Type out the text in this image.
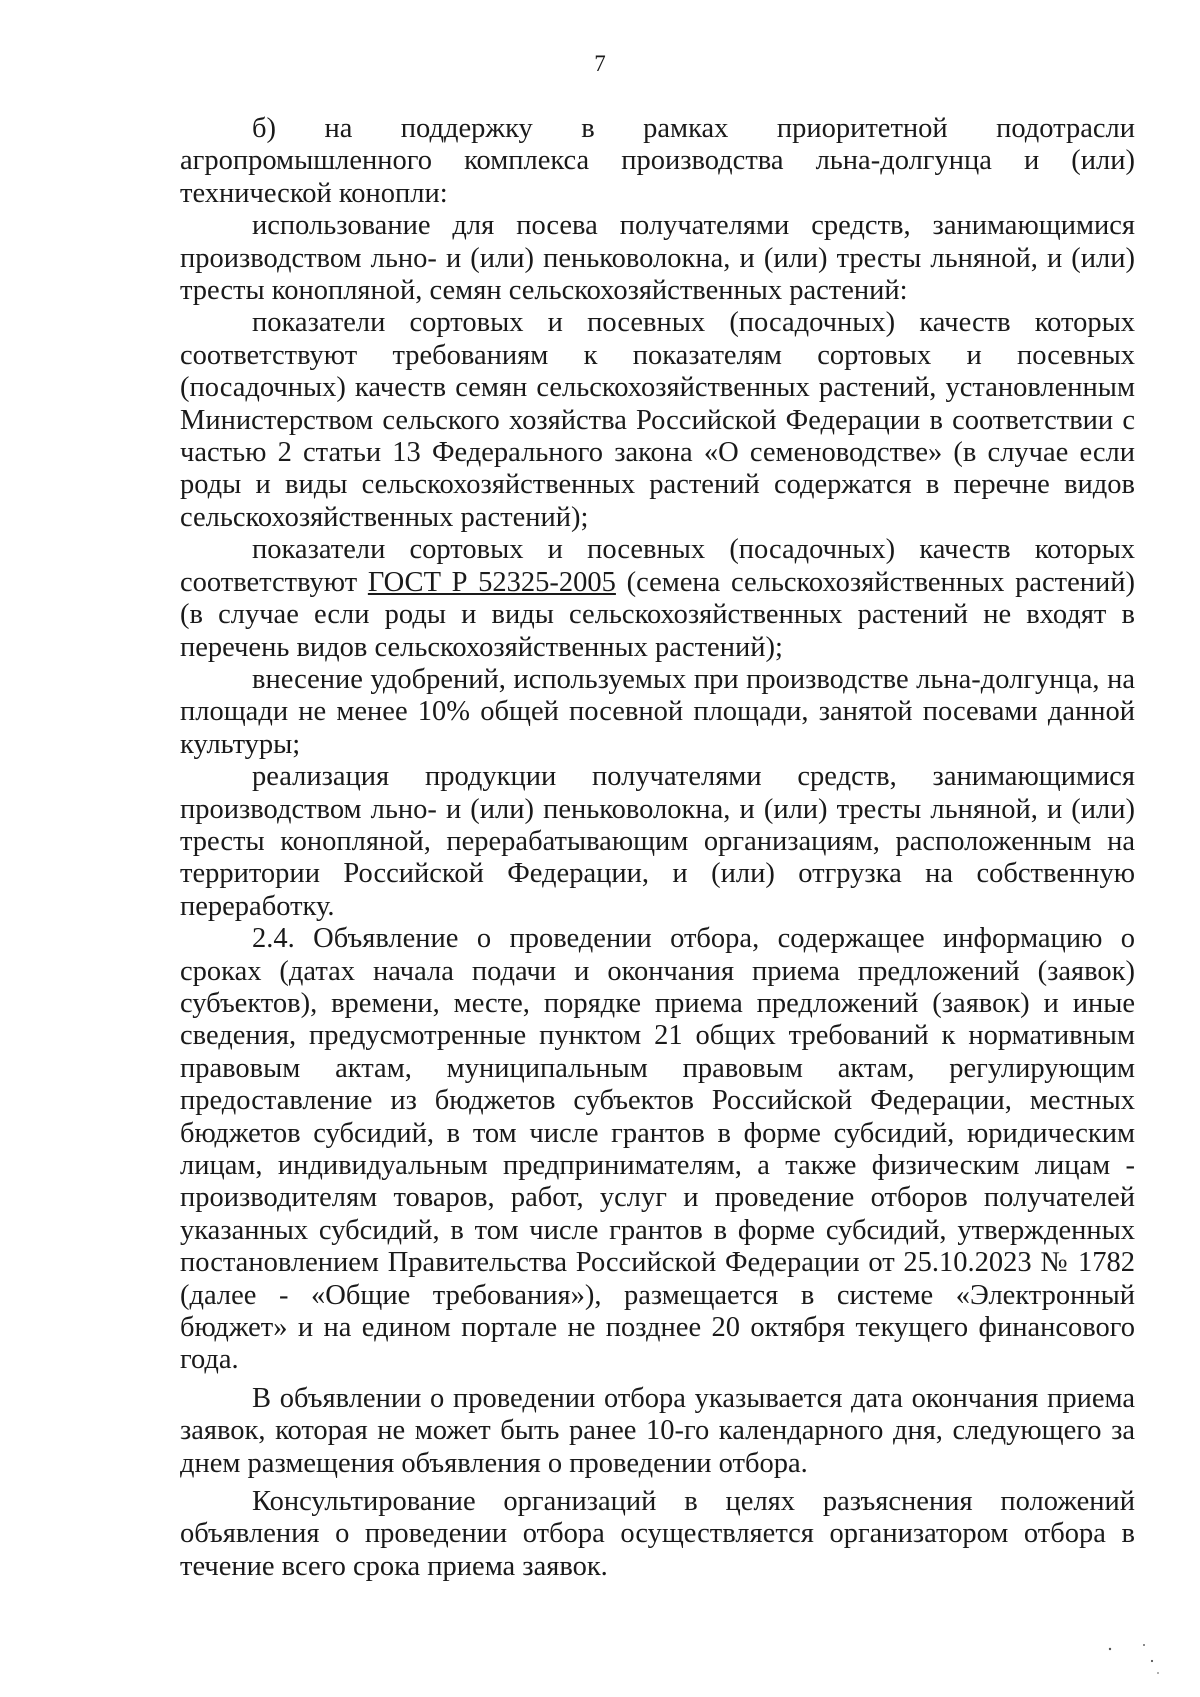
7

б) на поддержку в рамках приоритетной подотрасли агропромышленного комплекса производства льна-долгунца и (или) технической конопли:

использование для посева получателями средств, занимающимися производством льно- и (или) пеньковолокна, и (или) тресты льняной, и (или) тресты конопляной, семян сельскохозяйственных растений:

показатели сортовых и посевных (посадочных) качеств которых соответствуют требованиям к показателям сортовых и посевных (посадочных) качеств семян сельскохозяйственных растений, установленным Министерством сельского хозяйства Российской Федерации в соответствии с частью 2 статьи 13 Федерального закона «О семеноводстве» (в случае если роды и виды сельскохозяйственных растений содержатся в перечне видов сельскохозяйственных растений);

показатели сортовых и посевных (посадочных) качеств которых соответствуют ГОСТ Р 52325-2005 (семена сельскохозяйственных растений) (в случае если роды и виды сельскохозяйственных растений не входят в перечень видов сельскохозяйственных растений);

внесение удобрений, используемых при производстве льна-долгунца, на площади не менее 10% общей посевной площади, занятой посевами данной культуры;

реализация продукции получателями средств, занимающимися производством льно- и (или) пеньковолокна, и (или) тресты льняной, и (или) тресты конопляной, перерабатывающим организациям, расположенным на территории Российской Федерации, и (или) отгрузка на собственную переработку.

2.4. Объявление о проведении отбора, содержащее информацию о сроках (датах начала подачи и окончания приема предложений (заявок) субъектов), времени, месте, порядке приема предложений (заявок) и иные сведения, предусмотренные пунктом 21 общих требований к нормативным правовым актам, муниципальным правовым актам, регулирующим предоставление из бюджетов субъектов Российской Федерации, местных бюджетов субсидий, в том числе грантов в форме субсидий, юридическим лицам, индивидуальным предпринимателям, а также физическим лицам - производителям товаров, работ, услуг и проведение отборов получателей указанных субсидий, в том числе грантов в форме субсидий, утвержденных постановлением Правительства Российской Федерации от 25.10.2023 № 1782 (далее - «Общие требования»), размещается в системе «Электронный бюджет» и на едином портале не позднее 20 октября текущего финансового года.

В объявлении о проведении отбора указывается дата окончания приема заявок, которая не может быть ранее 10-го календарного дня, следующего за днем размещения объявления о проведении отбора.

Консультирование организаций в целях разъяснения положений объявления о проведении отбора осуществляется организатором отбора в течение всего срока приема заявок.
